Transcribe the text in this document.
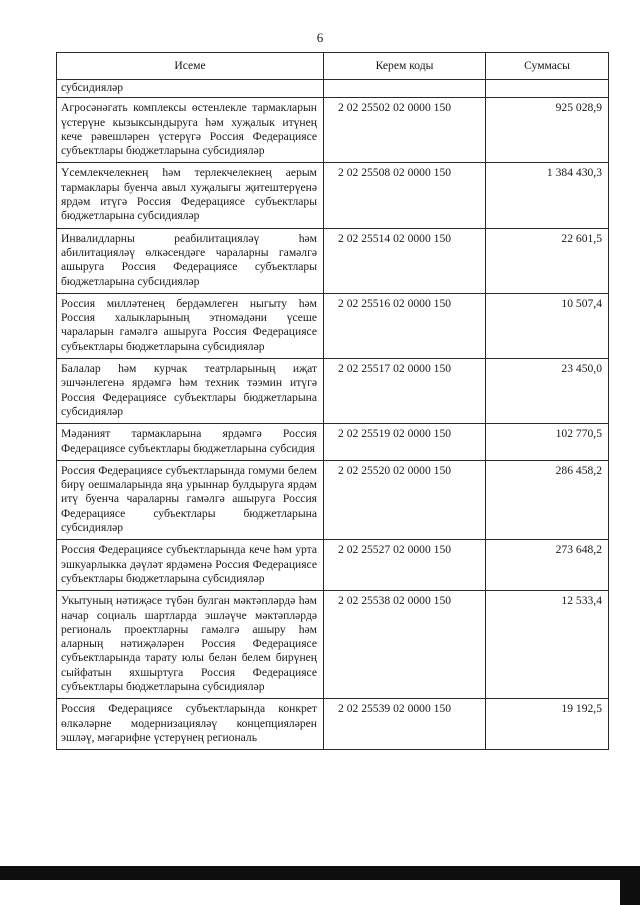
6
Исеме	Керем коды	Суммасы
субсидияләр		
Агросәнәгать комплексы өстенлекле тармакларын үстерүне кызыксындыруга һәм хуҗалык итүнең кече рәвешләрен үстерүгә Россия Федерациясе субъектлары бюджетларына субсидияләр	2 02 25502 02 0000 150	925 028,9
Үсемлекчелекнең һәм терлекчелекнең аерым тармаклары буенча авыл хуҗалыгы җитештерүенә ярдәм итүгә Россия Федерациясе субъектлары бюджетларына субсидияләр	2 02 25508 02 0000 150	1 384 430,3
Инвалидларны реабилитацияләү һәм абилитацияләү өлкәсендәге чараларны гамәлгә ашыруга Россия Федерациясе субъектлары бюджетларына субсидияләр	2 02 25514 02 0000 150	22 601,5
Россия милләтенең бердәмлеген ныгыту һәм Россия халыкларының этномәдәни үсеше чараларын гамәлгә ашыруга Россия Федерациясе субъектлары бюджетларына субсидияләр	2 02 25516 02 0000 150	10 507,4
Балалар һәм курчак театрларының иҗат эшчәнлегенә ярдәмгә һәм техник тәэмин итүгә Россия Федерациясе субъектлары бюджетларына субсидияләр	2 02 25517 02 0000 150	23 450,0
Мәдәният тармакларына ярдәмгә Россия Федерациясе субъектлары бюджетларына субсидия	2 02 25519 02 0000 150	102 770,5
Россия Федерациясе субъектларында гомуми белем бирү оешмаларында яңа урыннар булдыруга ярдәм итү буенча чараларны гамәлгә ашыруга Россия Федерациясе субъектлары бюджетларына субсидияләр	2 02 25520 02 0000 150	286 458,2
Россия Федерациясе субъектларында кече һәм урта эшкуарлыкка дәүләт ярдәменә Россия Федерациясе субъектлары бюджетларына субсидияләр	2 02 25527 02 0000 150	273 648,2
Укытуның нәтиҗәсе түбән булган мәктәпләрдә һәм начар социаль шартларда эшләүче мәктәпләрдә региональ проектларны гамәлгә ашыру һәм аларның нәтиҗәләрен Россия Федерациясе субъектларында тарату юлы белән белем бирүнең сыйфатын яхшыртуга Россия Федерациясе субъектлары бюджетларына субсидияләр	2 02 25538 02 0000 150	12 533,4
Россия Федерациясе субъектларында конкрет өлкәләрне модернизацияләү концепцияләрен эшләү, мәгарифне үстерүнең региональ	2 02 25539 02 0000 150	19 192,5
